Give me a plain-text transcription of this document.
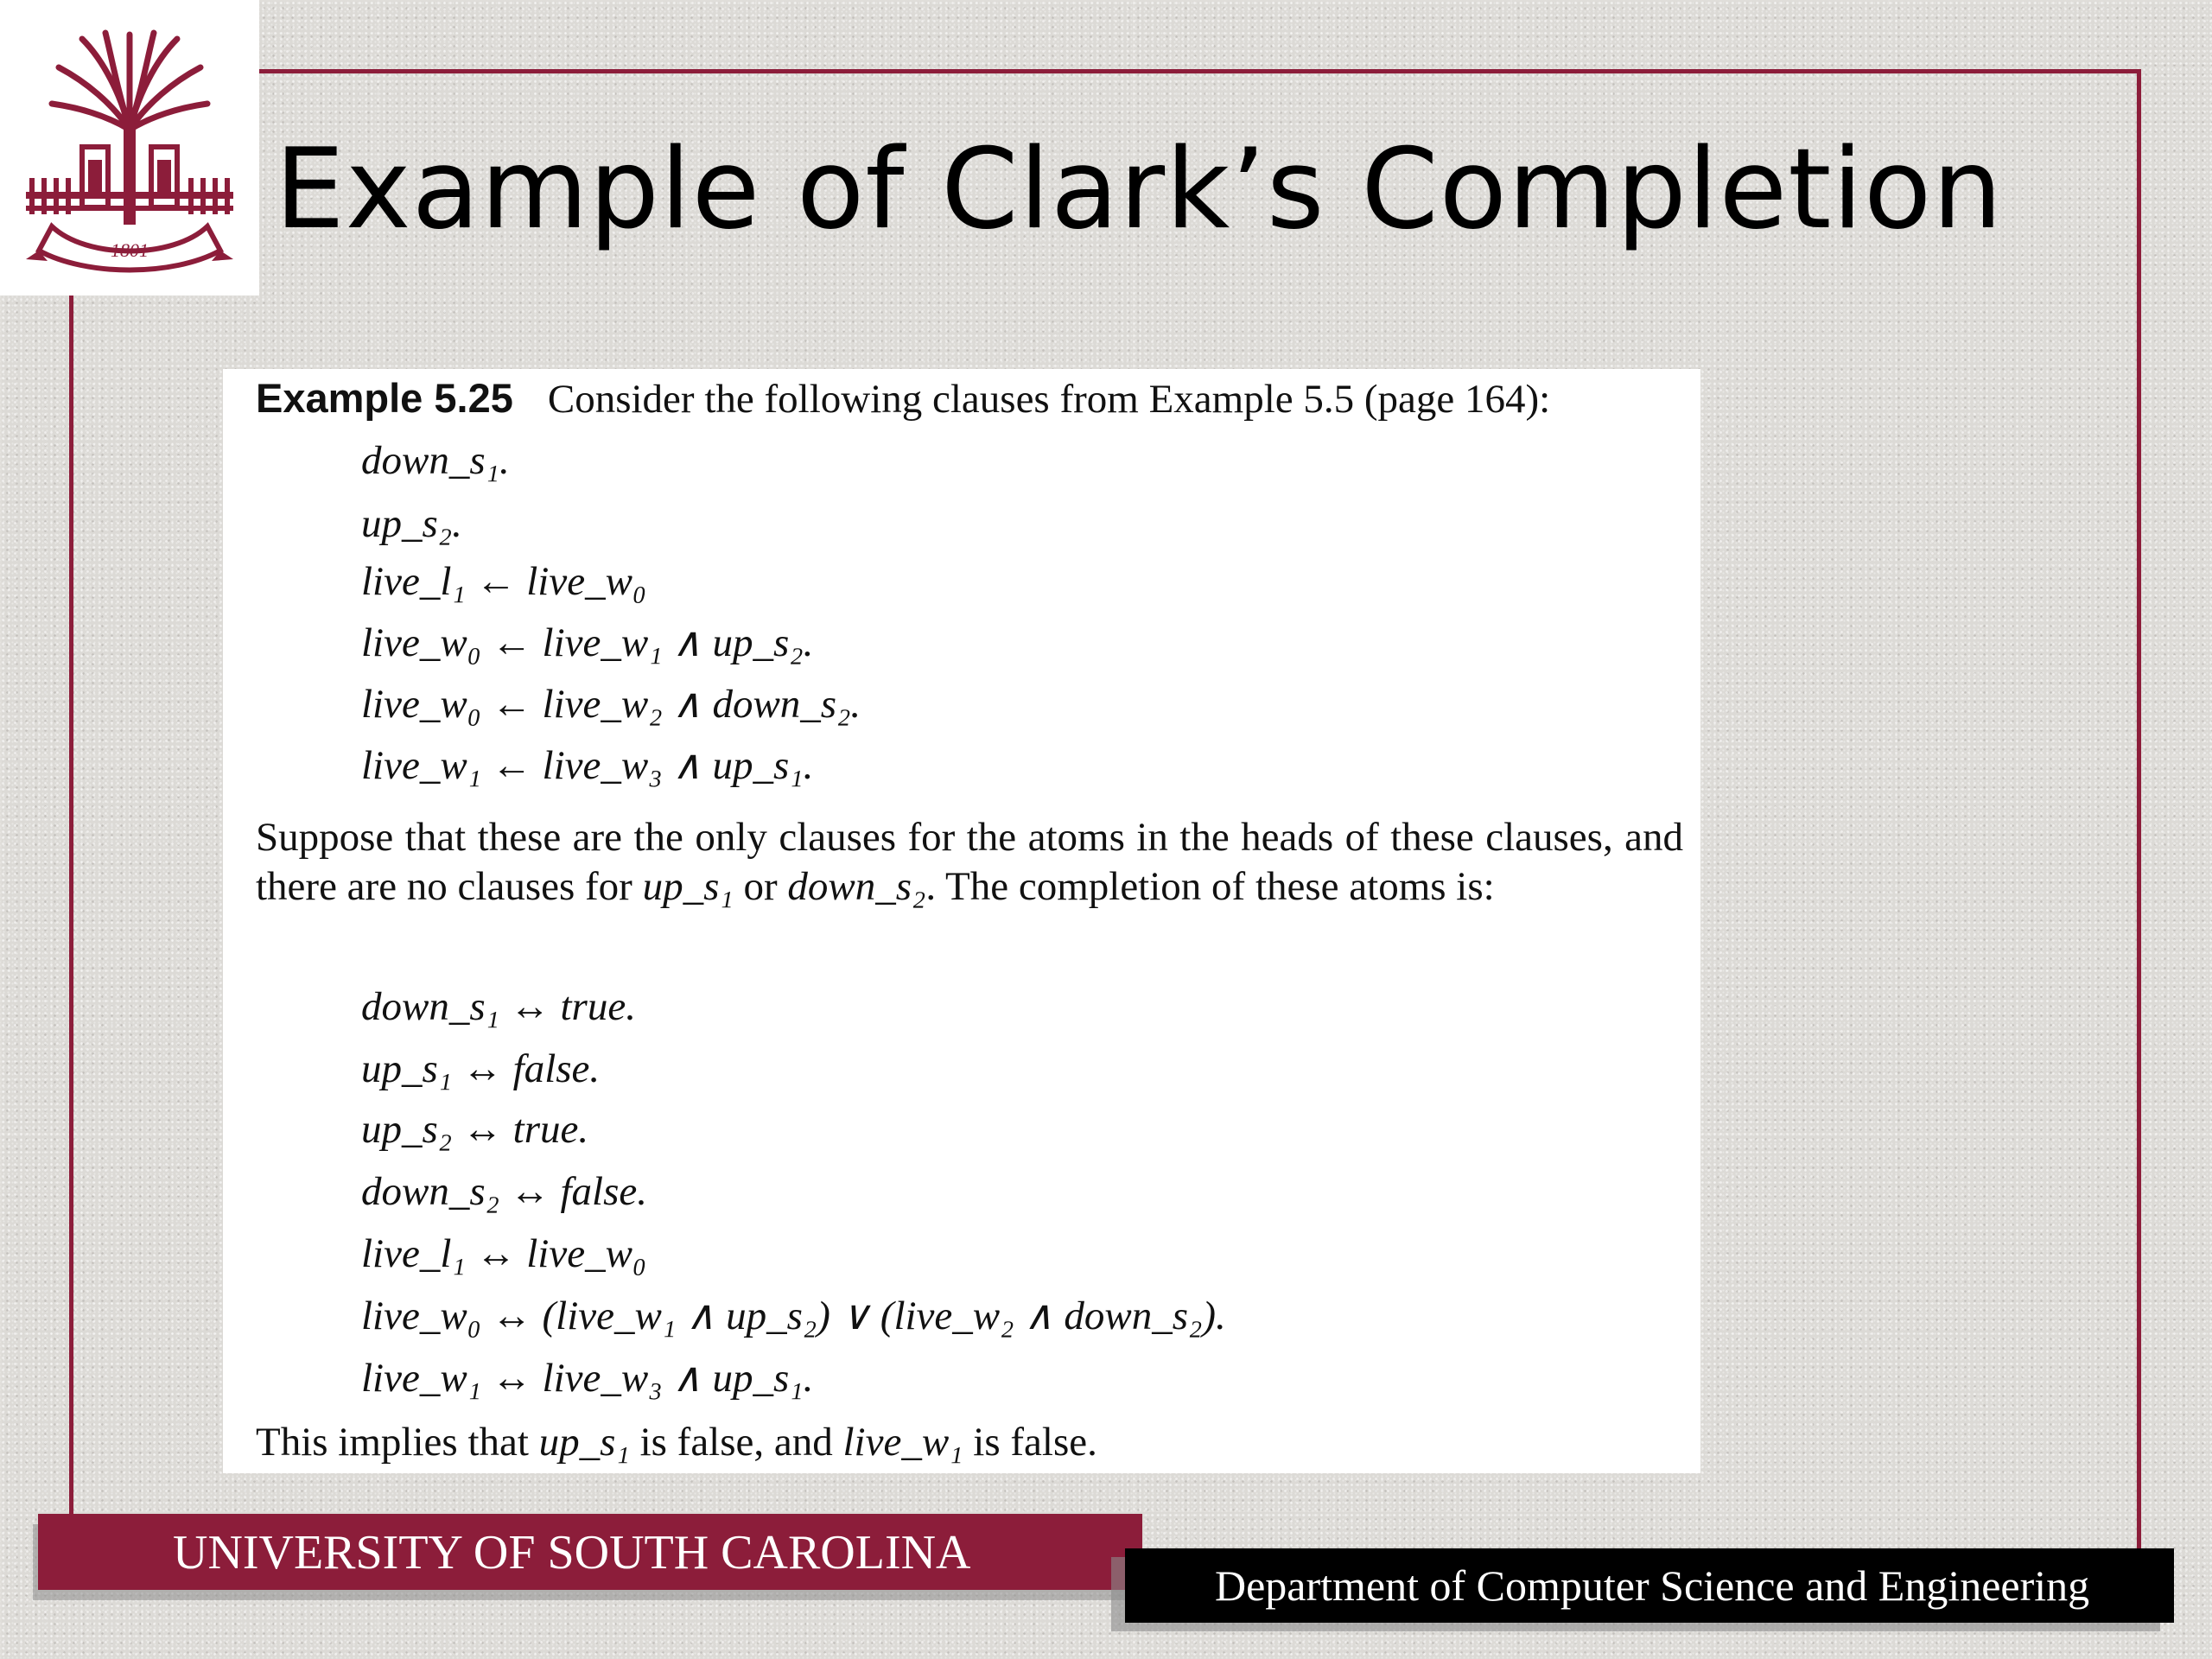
1801 Example of Clark’s Completion
Example 5.25 Consider the following clauses from Example 5.5 (page 164):
down_s₁.
up_s₂.
live_l₁ ← live_w₀
live_w₀ ← live_w₁ ∧ up_s₂.
live_w₀ ← live_w₂ ∧ down_s₂.
live_w₁ ← live_w₃ ∧ up_s₁.

Suppose that these are the only clauses for the atoms in the heads of these clauses, and there are no clauses for up_s₁ or down_s₂. The completion of these atoms is:

down_s₁ ↔ true.
up_s₁ ↔ false.
up_s₂ ↔ true.
down_s₂ ↔ false.
live_l₁ ↔ live_w₀
live_w₀ ↔ (live_w₁ ∧ up_s₂) ∨ (live_w₂ ∧ down_s₂).
live_w₁ ↔ live_w₃ ∧ up_s₁.

This implies that up_s₁ is false, and live_w₁ is false.

UNIVERSITY OF SOUTH CAROLINA
Department of Computer Science and Engineering
